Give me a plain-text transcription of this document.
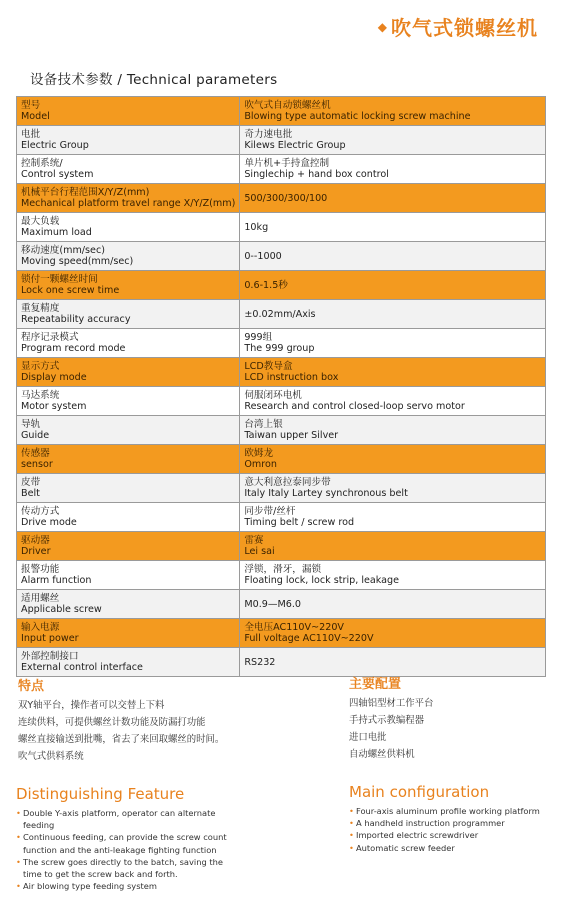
◆ 吹气式锁螺丝机
设备技术参数 / Technical parameters
型号
Model	吹气式自动锁螺丝机
Blowing type automatic locking screw machine

电批
Electric Group	奇力速电批
Kilews Electric Group

控制系统/
Control system	单片机+手持盒控制
Singlechip + hand box control

机械平台行程范围X/Y/Z(mm)
Mechanical platform travel range X/Y/Z(mm)	500/300/300/100

最大负载
Maximum load	10kg

移动速度(mm/sec)
Moving speed(mm/sec)	0--1000

锁付一颗螺丝时间
Lock one screw time	0.6-1.5秒

重复精度
Repeatability accuracy	±0.02mm/Axis

程序记录模式
Program record mode	999组
The 999 group

显示方式
Display mode	LCD教导盒
LCD instruction box

马达系统
Motor system	伺服闭环电机
Research and control closed-loop servo motor

导轨
Guide	台湾上银
Taiwan upper Silver

传感器
sensor	欧姆龙
Omron

皮带
Belt	意大利意拉泰同步带
Italy Italy Lartey synchronous belt

传动方式
Drive mode	同步带/丝杆
Timing belt / screw rod

驱动器
Driver	雷赛
Lei sai

报警功能
Alarm function	浮锁，滑牙，漏锁
Floating lock, lock strip, leakage

适用螺丝
Applicable screw	M0.9—M6.0

输入电源
Input power	全电压AC110V~220V
Full voltage AC110V~220V

外部控制接口
External control interface	RS232
特点
双Y轴平台，操作者可以交替上下料
连续供料，可提供螺丝计数功能及防漏打功能
螺丝直接输送到批嘴，省去了来回取螺丝的时间。
吹气式供料系统
主要配置
四轴铝型材工作平台
手持式示教编程器
进口电批
自动螺丝供料机
Distinguishing Feature
• Double Y-axis platform, operator can alternate feeding
• Continuous feeding, can provide the screw count function and the anti-leakage fighting function
• The screw goes directly to the batch, saving the time to get the screw back and forth.
• Air blowing type feeding system
Main configuration
• Four-axis aluminum profile working platform
• A handheld instruction programmer
• Imported electric screwdriver
• Automatic screw feeder
